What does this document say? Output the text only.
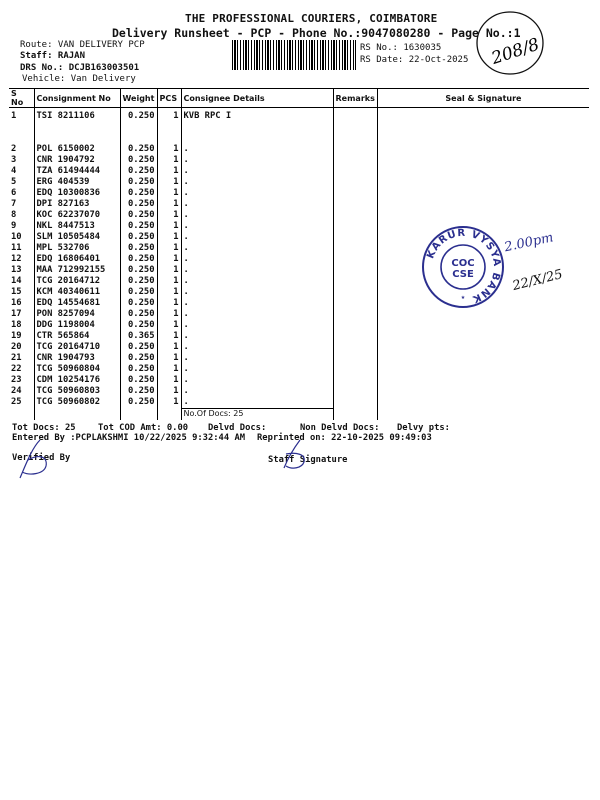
THE PROFESSIONAL COURIERS, COIMBATORE
Delivery Runsheet - PCP - Phone No.:9047080280 - Page No.:1
208/8
Route: VAN DELIVERY PCP
Staff: RAJAN
DRS No.: DCJB163003501
Vehicle: Van Delivery
RS No.: 1630035
RS Date: 22-Oct-2025
S No	Consignment No	Weight	PCS	Consignee Details	Remarks	Seal & Signature
1	TSI 8211106	0.250	1	KVB RPC I		

2	POL 6150002	0.250	1	.		
3	CNR 1904792	0.250	1	.		
4	TZA 61494444	0.250	1	.		
5	ERG 404539	0.250	1	.		
6	EDQ 10300836	0.250	1	.		
7	DPI 827163	0.250	1	.		
8	KOC 62237070	0.250	1	.		
9	NKL 8447513	0.250	1	.		
10	SLM 10505484	0.250	1	.		
11	MPL 532706	0.250	1	.		
12	EDQ 16806401	0.250	1	.		
13	MAA 712992155	0.250	1	.		
14	TCG 20164712	0.250	1	.		
15	KCM 40340611	0.250	1	.		
16	EDQ 14554681	0.250	1	.		
17	PON 8257094	0.250	1	.		
18	DDG 1198004	0.250	1	.		
19	CTR 565864	0.365	1	.		
20	TCG 20164710	0.250	1	.		
21	CNR 1904793	0.250	1	.		
22	TCG 50960804	0.250	1	.		
23	CDM 10254176	0.250	1	.		
24	TCG 50960803	0.250	1	.		
25	TCG 50960802	0.250	1	.		
				No.Of Docs: 25		
Tot Docs: 25	Tot COD Amt: 0.00 Delvd Docs:	Non Delvd Docs: Delvy pts:
Entered By :PCPLAKSHMI 10/22/2025 9:32:44 AM Reprinted on: 22-10-2025 09:49:03
Verified By	Staff Signature
KARUR VYSYA BANK
COC
CSE
★
2.00pm
22/X/25
